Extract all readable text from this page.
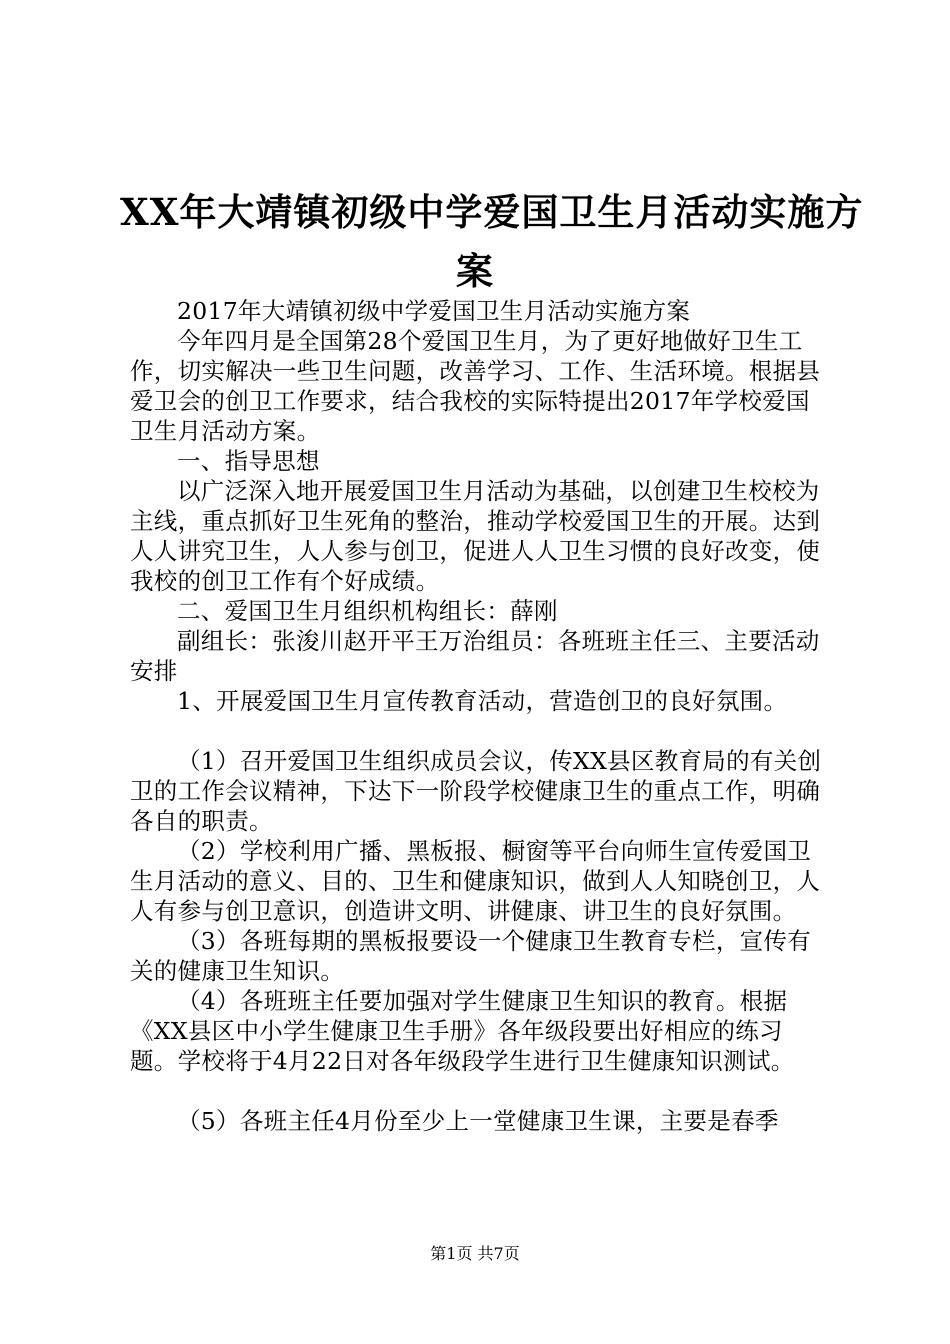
XX年大靖镇初级中学爱国卫生月活动实施方
案

2017年大靖镇初级中学爱国卫生月活动实施方案

今年四月是全国第28个爱国卫生月，为了更好地做好卫生工作，切实解决一些卫生问题，改善学习、工作、生活环境。根据县爱卫会的创卫工作要求，结合我校的实际特提出2017年学校爱国卫生月活动方案。

一、指导思想

以广泛深入地开展爱国卫生月活动为基础，以创建卫生校校为主线，重点抓好卫生死角的整治，推动学校爱国卫生的开展。达到人人讲究卫生，人人参与创卫，促进人人卫生习惯的良好改变，使我校的创卫工作有个好成绩。

二、爱国卫生月组织机构组长：薛刚

副组长：张浚川赵开平王万治组员：各班班主任三、主要活动安排

1、开展爱国卫生月宣传教育活动，营造创卫的良好氛围。

（1）召开爱国卫生组织成员会议，传XX县区教育局的有关创卫的工作会议精神，下达下一阶段学校健康卫生的重点工作，明确各自的职责。

（2）学校利用广播、黑板报、橱窗等平台向师生宣传爱国卫生月活动的意义、目的、卫生和健康知识，做到人人知晓创卫，人人有参与创卫意识，创造讲文明、讲健康、讲卫生的良好氛围。

（3）各班每期的黑板报要设一个健康卫生教育专栏，宣传有关的健康卫生知识。

（4）各班班主任要加强对学生健康卫生知识的教育。根据《XX县区中小学生健康卫生手册》各年级段要出好相应的练习题。学校将于4月22日对各年级段学生进行卫生健康知识测试。

（5）各班主任4月份至少上一堂健康卫生课，主要是春季

第1页 共7页
